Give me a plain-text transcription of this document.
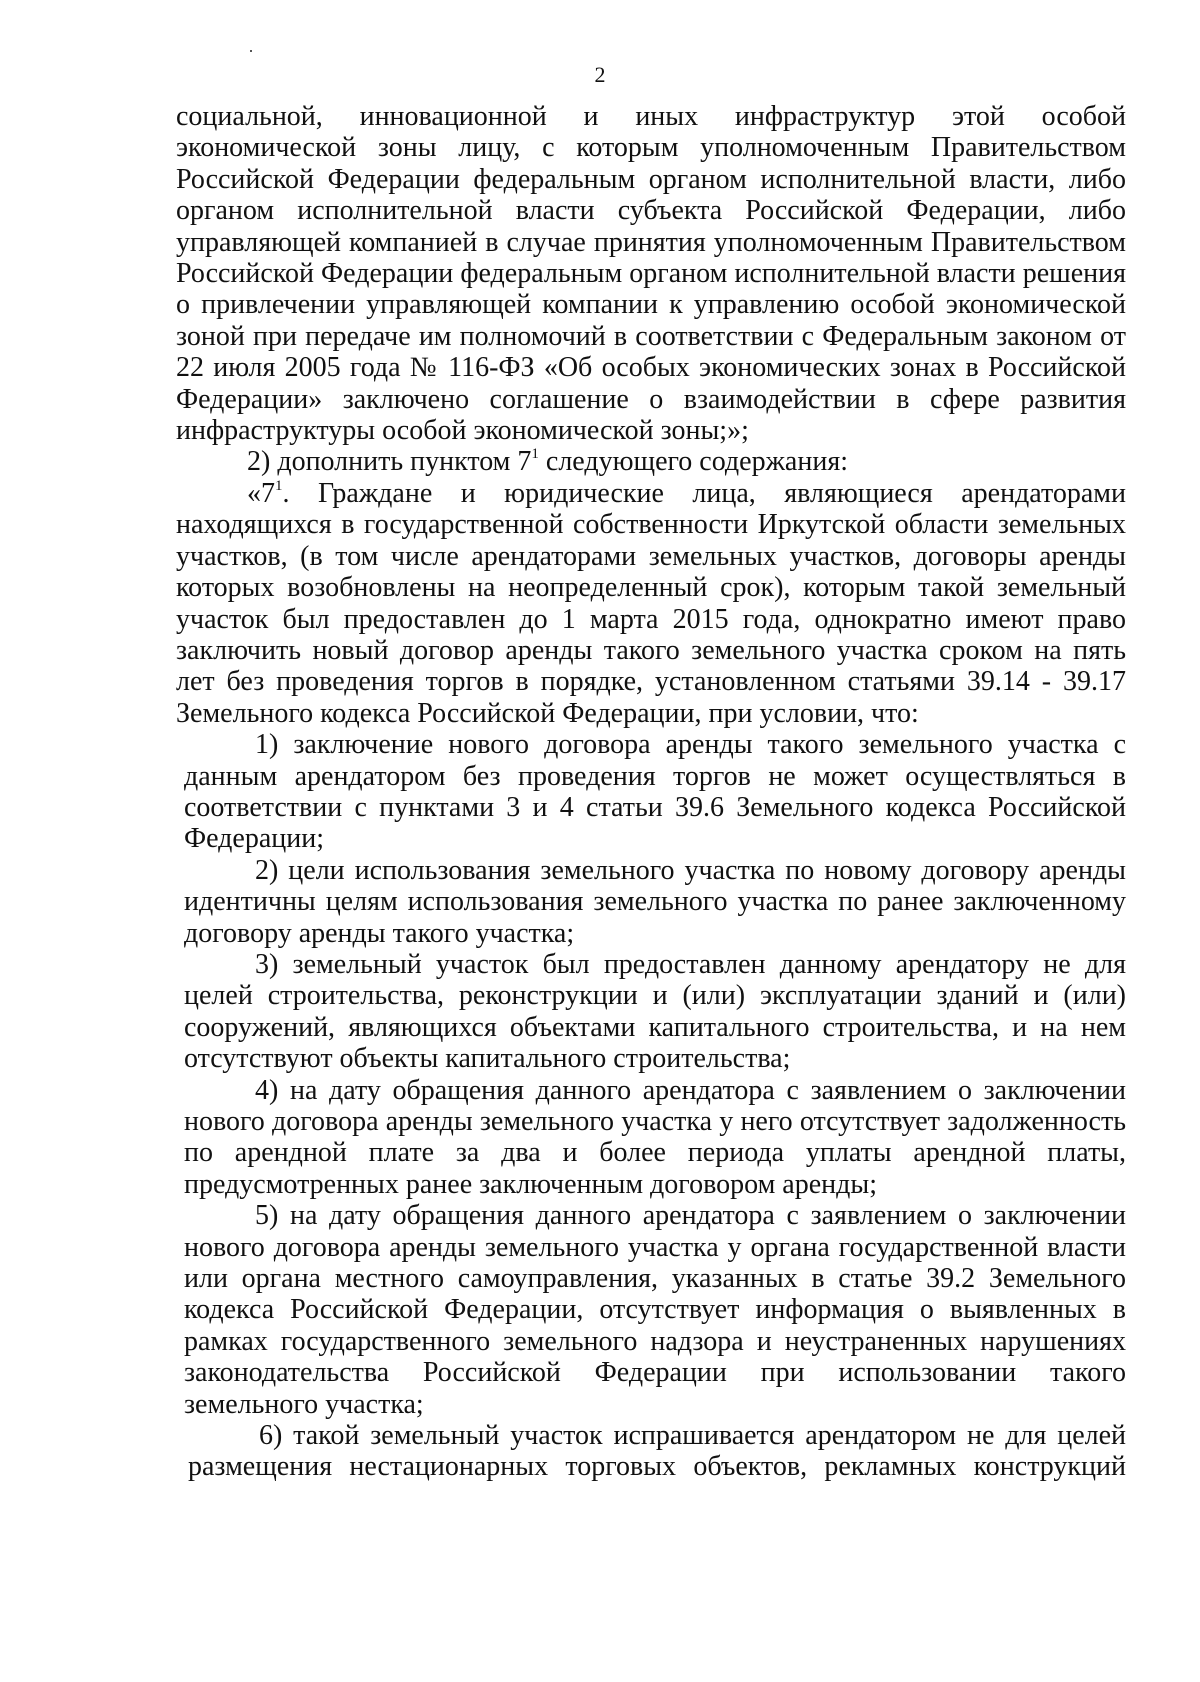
2

социальной, инновационной и иных инфраструктур этой особой экономической зоны лицу, с которым уполномоченным Правительством Российской Федерации федеральным органом исполнительной власти, либо органом исполнительной власти субъекта Российской Федерации, либо управляющей компанией в случае принятия уполномоченным Правительством Российской Федерации федеральным органом исполнительной власти решения о привлечении управляющей компании к управлению особой экономической зоной при передаче им полномочий в соответствии с Федеральным законом от 22 июля 2005 года № 116-ФЗ «Об особых экономических зонах в Российской Федерации» заключено соглашение о взаимодействии в сфере развития инфраструктуры особой экономической зоны;»;

2) дополнить пунктом $7^1$ следующего содержания:

«$7^1$. Граждане и юридические лица, являющиеся арендаторами находящихся в государственной собственности Иркутской области земельных участков, (в том числе арендаторами земельных участков, договоры аренды которых возобновлены на неопределенный срок), которым такой земельный участок был предоставлен до 1 марта 2015 года, однократно имеют право заключить новый договор аренды такого земельного участка сроком на пять лет без проведения торгов в порядке, установленном статьями 39.14 - 39.17 Земельного кодекса Российской Федерации, при условии, что:

1) заключение нового договора аренды такого земельного участка с данным арендатором без проведения торгов не может осуществляться в соответствии с пунктами 3 и 4 статьи 39.6 Земельного кодекса Российской Федерации;

2) цели использования земельного участка по новому договору аренды идентичны целям использования земельного участка по ранее заключенному договору аренды такого участка;

3) земельный участок был предоставлен данному арендатору не для целей строительства, реконструкции и (или) эксплуатации зданий и (или) сооружений, являющихся объектами капитального строительства, и на нем отсутствуют объекты капитального строительства;

4) на дату обращения данного арендатора с заявлением о заключении нового договора аренды земельного участка у него отсутствует задолженность по арендной плате за два и более периода уплаты арендной платы, предусмотренных ранее заключенным договором аренды;

5) на дату обращения данного арендатора с заявлением о заключении нового договора аренды земельного участка у органа государственной власти или органа местного самоуправления, указанных в статье 39.2 Земельного кодекса Российской Федерации, отсутствует информация о выявленных в рамках государственного земельного надзора и неустраненных нарушениях законодательства Российской Федерации при использовании такого земельного участка;

6) такой земельный участок испрашивается арендатором не для целей размещения нестационарных торговых объектов, рекламных конструкций
